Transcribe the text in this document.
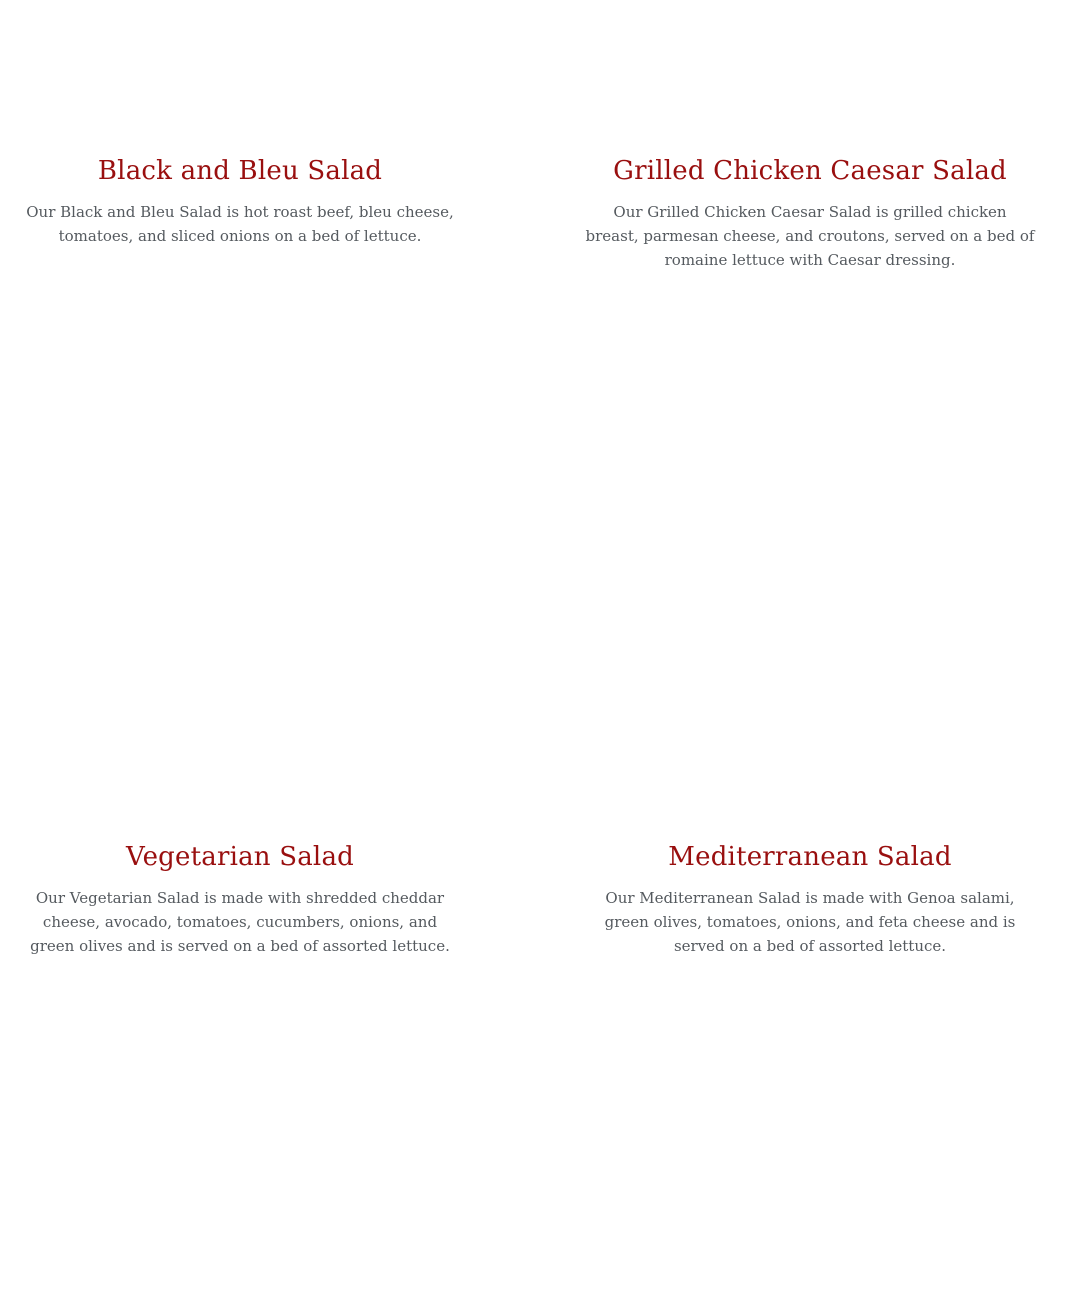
Black and Bleu Salad

Our Black and Bleu Salad is hot roast beef, bleu cheese, tomatoes, and sliced onions on a bed of lettuce.

Grilled Chicken Caesar Salad

Our Grilled Chicken Caesar Salad is grilled chicken breast, parmesan cheese, and croutons, served on a bed of romaine lettuce with Caesar dressing.

Vegetarian Salad

Our Vegetarian Salad is made with shredded cheddar cheese, avocado, tomatoes, cucumbers, onions, and green olives and is served on a bed of assorted lettuce.

Mediterranean Salad

Our Mediterranean Salad is made with Genoa salami, green olives, tomatoes, onions, and feta cheese and is served on a bed of assorted lettuce.
